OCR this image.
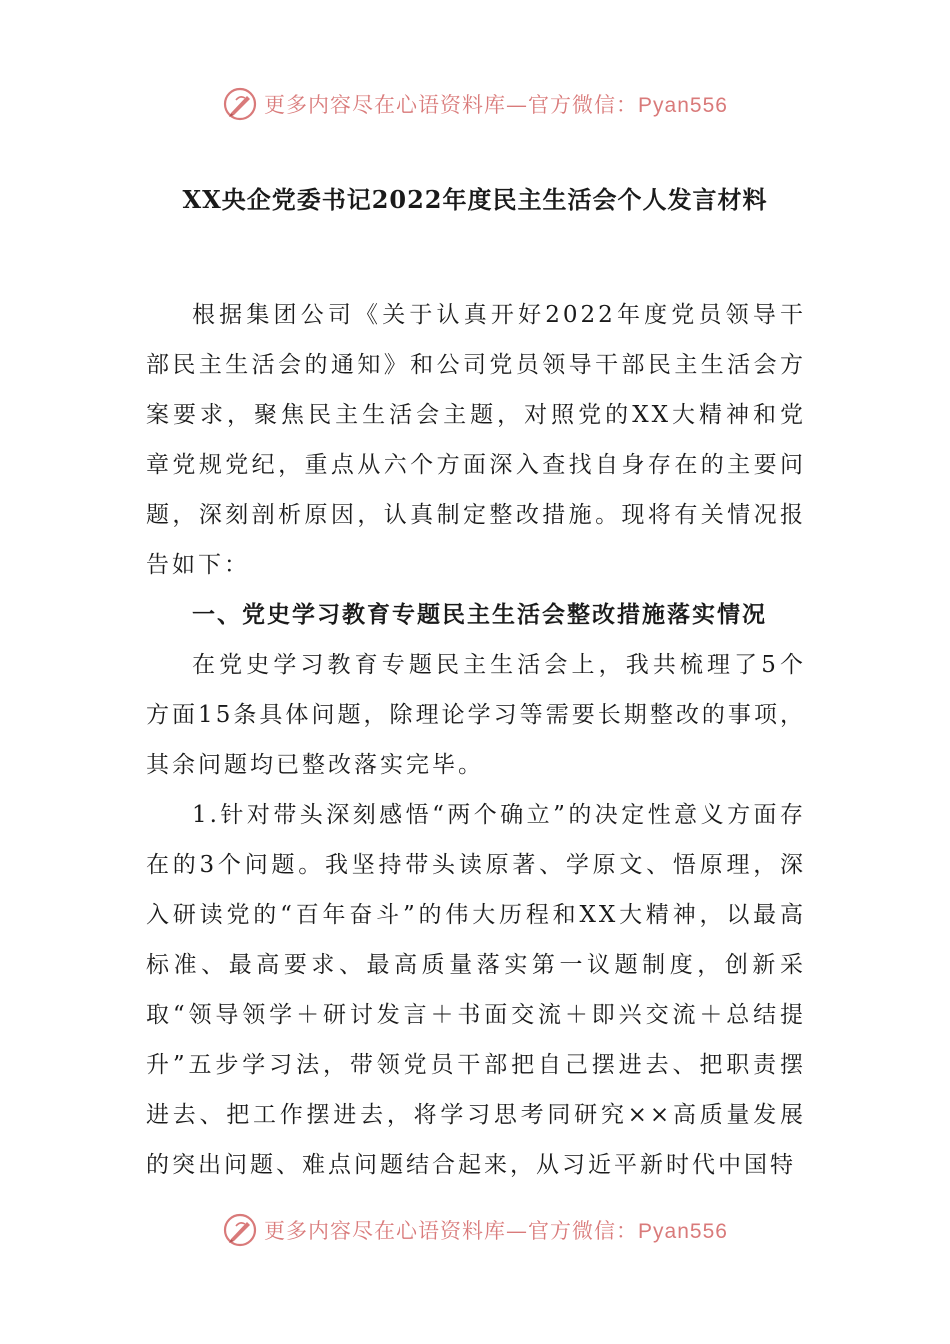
更多内容尽在心语资料库—官方微信：Pyan556
XX央企党委书记2022年度民主生活会个人发言材料

根据集团公司《关于认真开好2022年度党员领导干部民主生活会的通知》和公司党员领导干部民主生活会方案要求，聚焦民主生活会主题，对照党的XX大精神和党章党规党纪，重点从六个方面深入查找自身存在的主要问题，深刻剖析原因，认真制定整改措施。现将有关情况报告如下：

一、党史学习教育专题民主生活会整改措施落实情况

在党史学习教育专题民主生活会上，我共梳理了5个方面15条具体问题，除理论学习等需要长期整改的事项，其余问题均已整改落实完毕。

1.针对带头深刻感悟“两个确立”的决定性意义方面存在的3个问题。我坚持带头读原著、学原文、悟原理，深入研读党的“百年奋斗”的伟大历程和XX大精神，以最高标准、最高要求、最高质量落实第一议题制度，创新采取“领导领学＋研讨发言＋书面交流＋即兴交流＋总结提升”五步学习法，带领党员干部把自己摆进去、把职责摆进去、把工作摆进去，将学习思考同研究××高质量发展的突出问题、难点问题结合起来，从习近平新时代中国特

更多内容尽在心语资料库—官方微信：Pyan556
